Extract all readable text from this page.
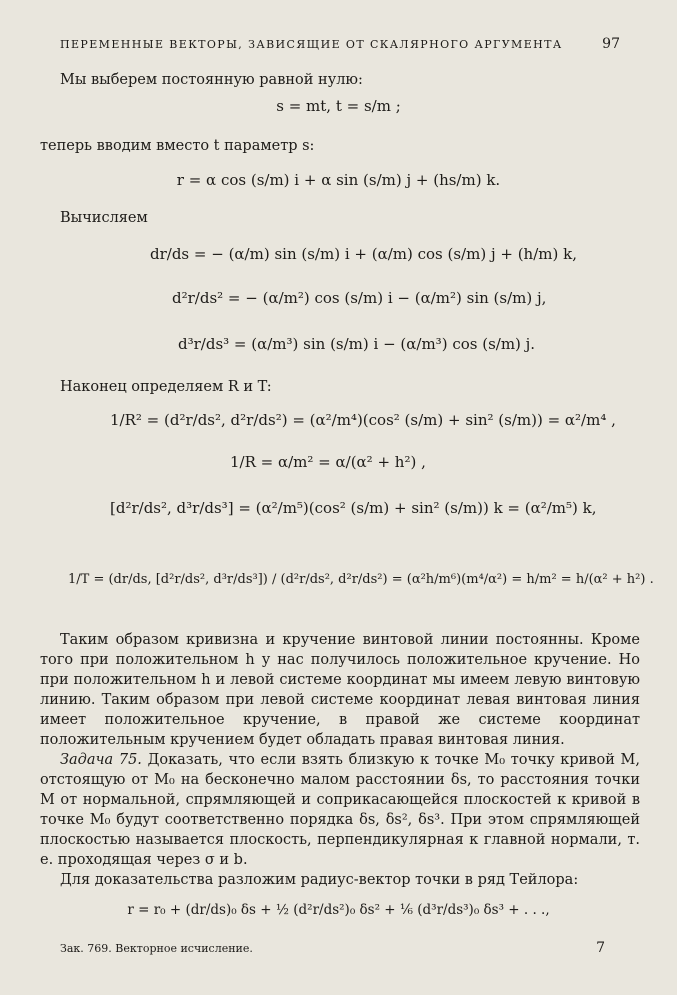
ПЕРЕМЕННЫЕ ВЕКТОРЫ, ЗАВИСЯЩИЕ ОТ СКАЛЯРНОГО АРГУМЕНТА	97
Мы выберем постоянную равной нулю:
s = mt, t = s/m ;
теперь вводим вместо t параметр s:
r = α cos (s/m) i + α sin (s/m) j + (hs/m) k.
Вычисляем
dr/ds = − (α/m) sin (s/m) i + (α/m) cos (s/m) j + (h/m) k,
d²r/ds² = − (α/m²) cos (s/m) i − (α/m²) sin (s/m) j,
d³r/ds³ = (α/m³) sin (s/m) i − (α/m³) cos (s/m) j.
Наконец определяем R и T:
1/R² = (d²r/ds², d²r/ds²) = (α²/m⁴)(cos² (s/m) + sin² (s/m)) = α²/m⁴ ,
1/R = α/m² = α/(α² + h²) ,
[d²r/ds², d³r/ds³] = (α²/m⁵)(cos² (s/m) + sin² (s/m)) k = (α²/m⁵) k,
1/T = (dr/ds, [d²r/ds², d³r/ds³]) / (d²r/ds², d²r/ds²) = (α²h/m⁶)(m⁴/α²) = h/m² = h/(α² + h²) .

Таким образом кривизна и кручение винтовой линии постоянны. Кроме того при положительном h у нас получилось положительное кручение. Но при положительном h и левой системе координат мы имеем левую винтовую линию. Таким образом при левой системе координат левая винтовая линия имеет положительное кручение, в правой же системе координат положительным кручением будет обладать правая винтовая линия.

Задача 75. Доказать, что если взять близкую к точке M₀ точку кривой M, отстоящую от M₀ на бесконечно малом расстоянии δs, то расстояния точки M от нормальной, спрямляющей и соприкасающейся плоскостей к кривой в точке M₀ будут соответственно порядка δs, δs², δs³. При этом спрямляющей плоскостью называется плоскость, перпендикулярная к главной нормали, т. е. проходящая через σ и b.

Для доказательства разложим радиус-вектор точки в ряд Тейлора:

r = r₀ + (dr/ds)₀ δs + ½ (d²r/ds²)₀ δs² + ⅙ (d³r/ds³)₀ δs³ + . . .,
Зак. 769. Векторное исчисление.	7
